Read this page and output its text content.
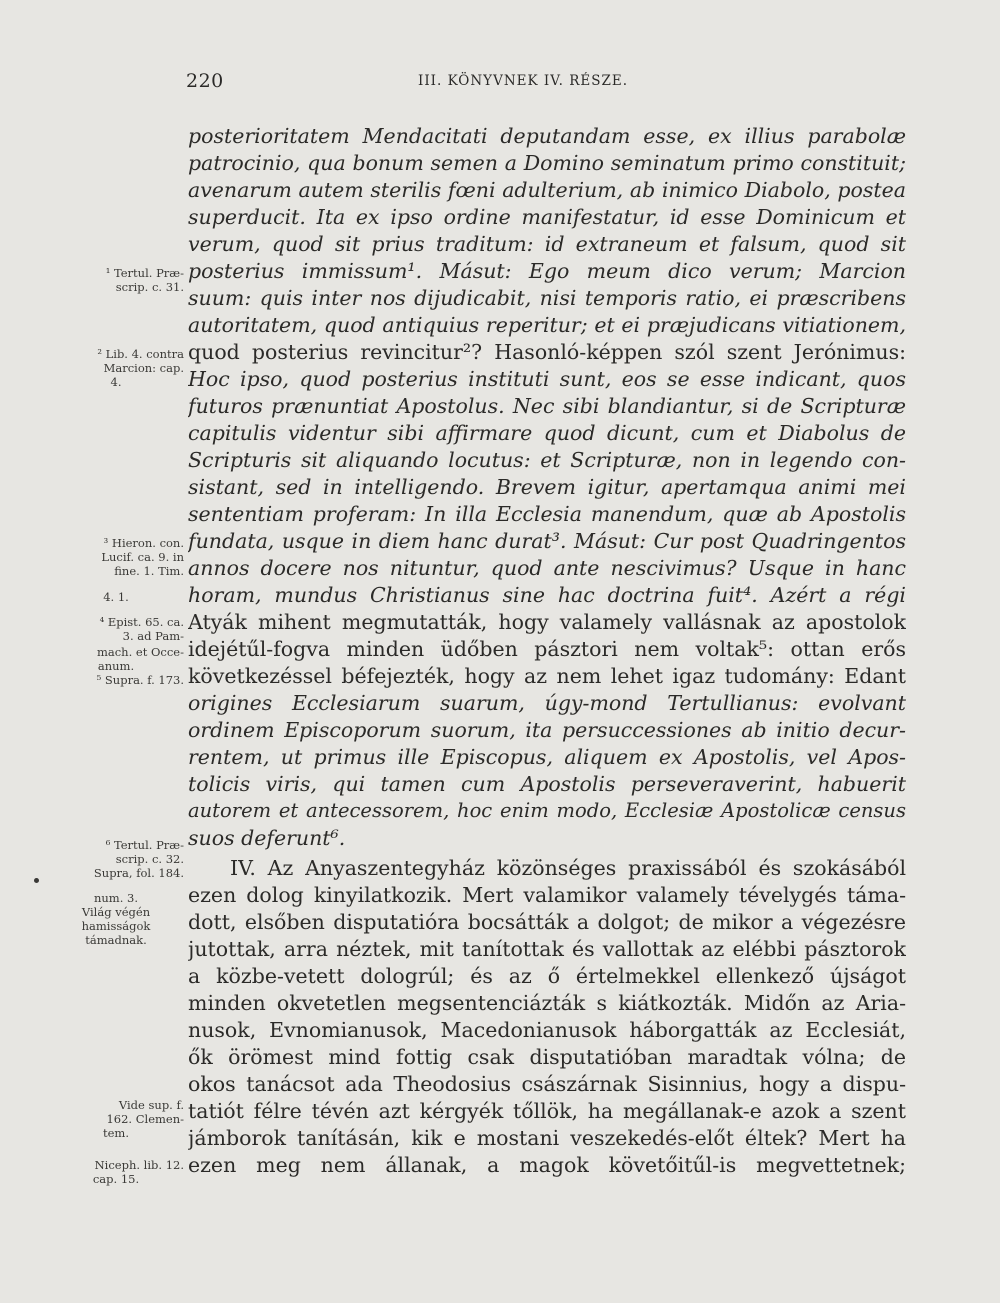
220	III. KÖNYVNEK IV. RÉSZE.
posterioritatem Mendacitati deputandam esse, ex illius parabolæ
patrocinio, qua bonum semen a Domino seminatum primo constituit;
avenarum autem sterilis fœni adulterium, ab inimico Diabolo, postea
superducit. Ita ex ipso ordine manifestatur, id esse Dominicum et
verum, quod sit prius traditum: id extraneum et falsum, quod sit
posterius immissum¹. Másut: Ego meum dico verum; Marcion
suum: quis inter nos dijudicabit, nisi temporis ratio, ei præscribens
autoritatem, quod antiquius reperitur; et ei præjudicans vitiationem,
quod posterius revincitur²? Hasonló-képpen szól szent Jerónimus:
Hoc ipso, quod posterius instituti sunt, eos se esse indicant, quos
futuros prænuntiat Apostolus. Nec sibi blandiantur, si de Scripturæ
capitulis videntur sibi affirmare quod dicunt, cum et Diabolus de
Scripturis sit aliquando locutus: et Scripturæ, non in legendo con-
sistant, sed in intelligendo. Brevem igitur, apertamqua animi mei
sententiam proferam: In illa Ecclesia manendum, quæ ab Apostolis
fundata, usque in diem hanc durat³. Másut: Cur post Quadringentos
annos docere nos nituntur, quod ante nescivimus? Usque in hanc
horam, mundus Christianus sine hac doctrina fuit⁴. Azért a régi
Atyák mihent megmutatták, hogy valamely vallásnak az apostolok
idejétűl-fogva minden üdőben pásztori nem voltak⁵: ottan erős
következéssel béfejezték, hogy az nem lehet igaz tudomány: Edant
origines Ecclesiarum suarum, úgy-mond Tertullianus: evolvant
ordinem Episcoporum suorum, ita persuccessiones ab initio decur-
rentem, ut primus ille Episcopus, aliquem ex Apostolis, vel Apos-
tolicis viris, qui tamen cum Apostolis perseveraverint, habuerit
autorem et antecessorem, hoc enim modo, Ecclesiæ Apostolicæ census
suos deferunt⁶.
IV. Az Anyaszentegyház közönséges praxissából és szokásából
ezen dolog kinyilatkozik. Mert valamikor valamely tévelygés táma-
dott, elsőben disputatióra bocsátták a dolgot; de mikor a végezésre
jutottak, arra néztek, mit tanítottak és vallottak az elébbi pásztorok
a közbe-vetett dologrúl; és az ő értelmekkel ellenkező újságot
minden okvetetlen megsentenciázták s kiátkozták. Midőn az Aria-
nusok, Evnomianusok, Macedonianusok háborgatták az Ecclesiát,
ők örömest mind fottig csak disputatióban maradtak vólna; de
okos tanácsot ada Theodosius császárnak Sisinnius, hogy a dispu-
tatiót félre tévén azt kérgyék tőllök, ha megállanak-e azok a szent
jámborok tanításán, kik e mostani veszekedés-előt éltek? Mert ha
ezen meg nem állanak, a magok követőitűl-is megvettetnek;
¹ Tertul. Præ-
scrip. c. 31.
² Lib. 4. contra
Marcion: cap.
4.
³ Hieron. con.
Lucif. ca. 9. in
fine. 1. Tim.
4. 1.
⁴ Epist. 65. ca.
3. ad Pam-
mach. et Occe-
anum.
⁵ Supra. f. 173.
⁶ Tertul. Præ-
scrip. c. 32.
Supra, fol. 184.
num. 3.
Világ végén
hamisságok
támadnak.
Vide sup. f.
162. Clemen-
tem.
Niceph. lib. 12.
cap. 15.
